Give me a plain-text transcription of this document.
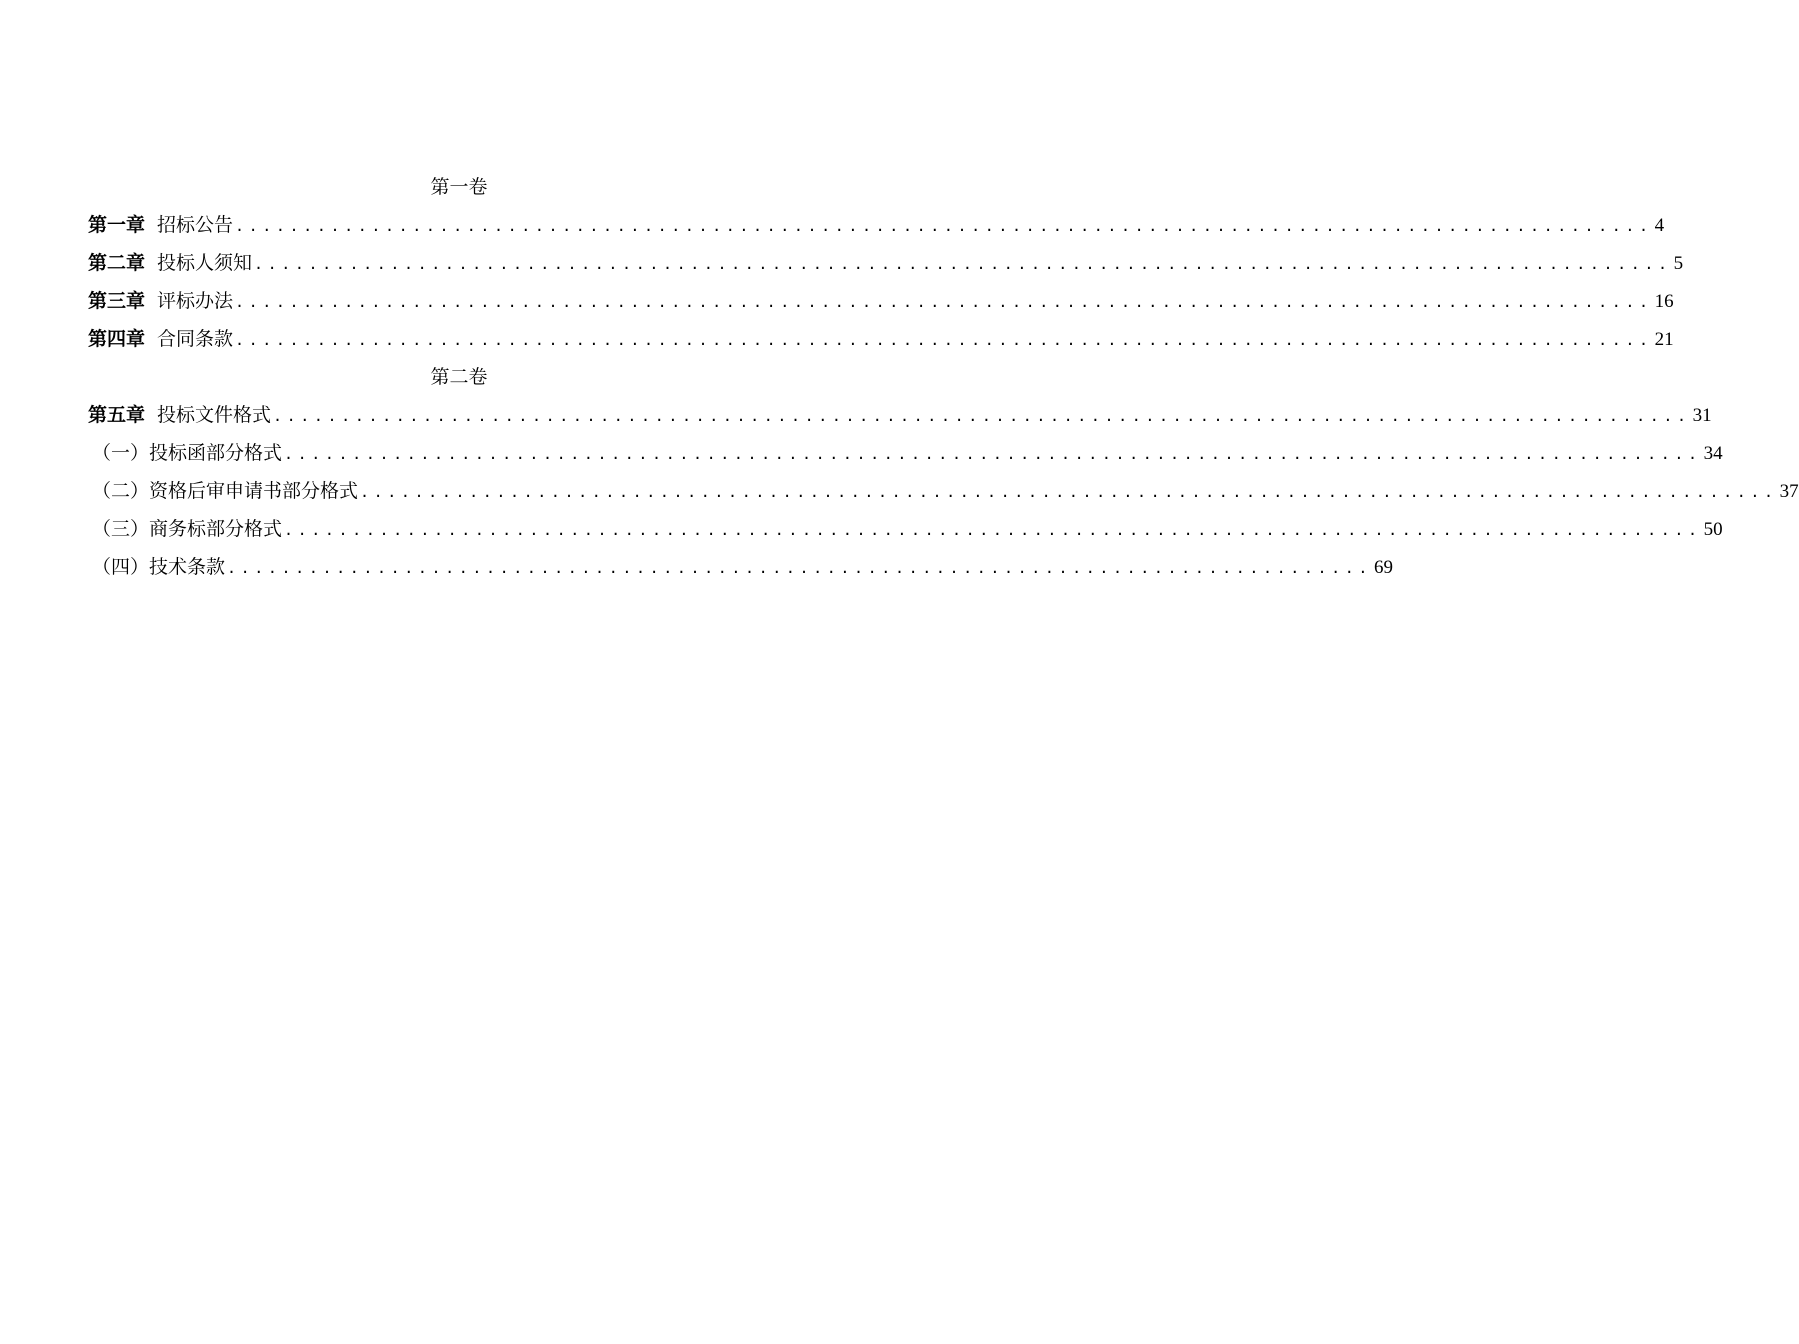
第一卷
第一章 招标公告 ........................................................................................................ 4
第二章 投标人须知 ........................................................................................................ 5
第三章 评标办法 ........................................................................................................ 16
第四章 合同条款 ........................................................................................................ 21
第二卷
第五章 投标文件格式 ........................................................................................................ 31
（一） 投标函部分格式 ........................................................................................................ 34
（二） 资格后审申请书部分格式 ........................................................................................................ 37
（三） 商务标部分格式 ........................................................................................................ 50
（四） 技术条款 .................................................................................... 69
